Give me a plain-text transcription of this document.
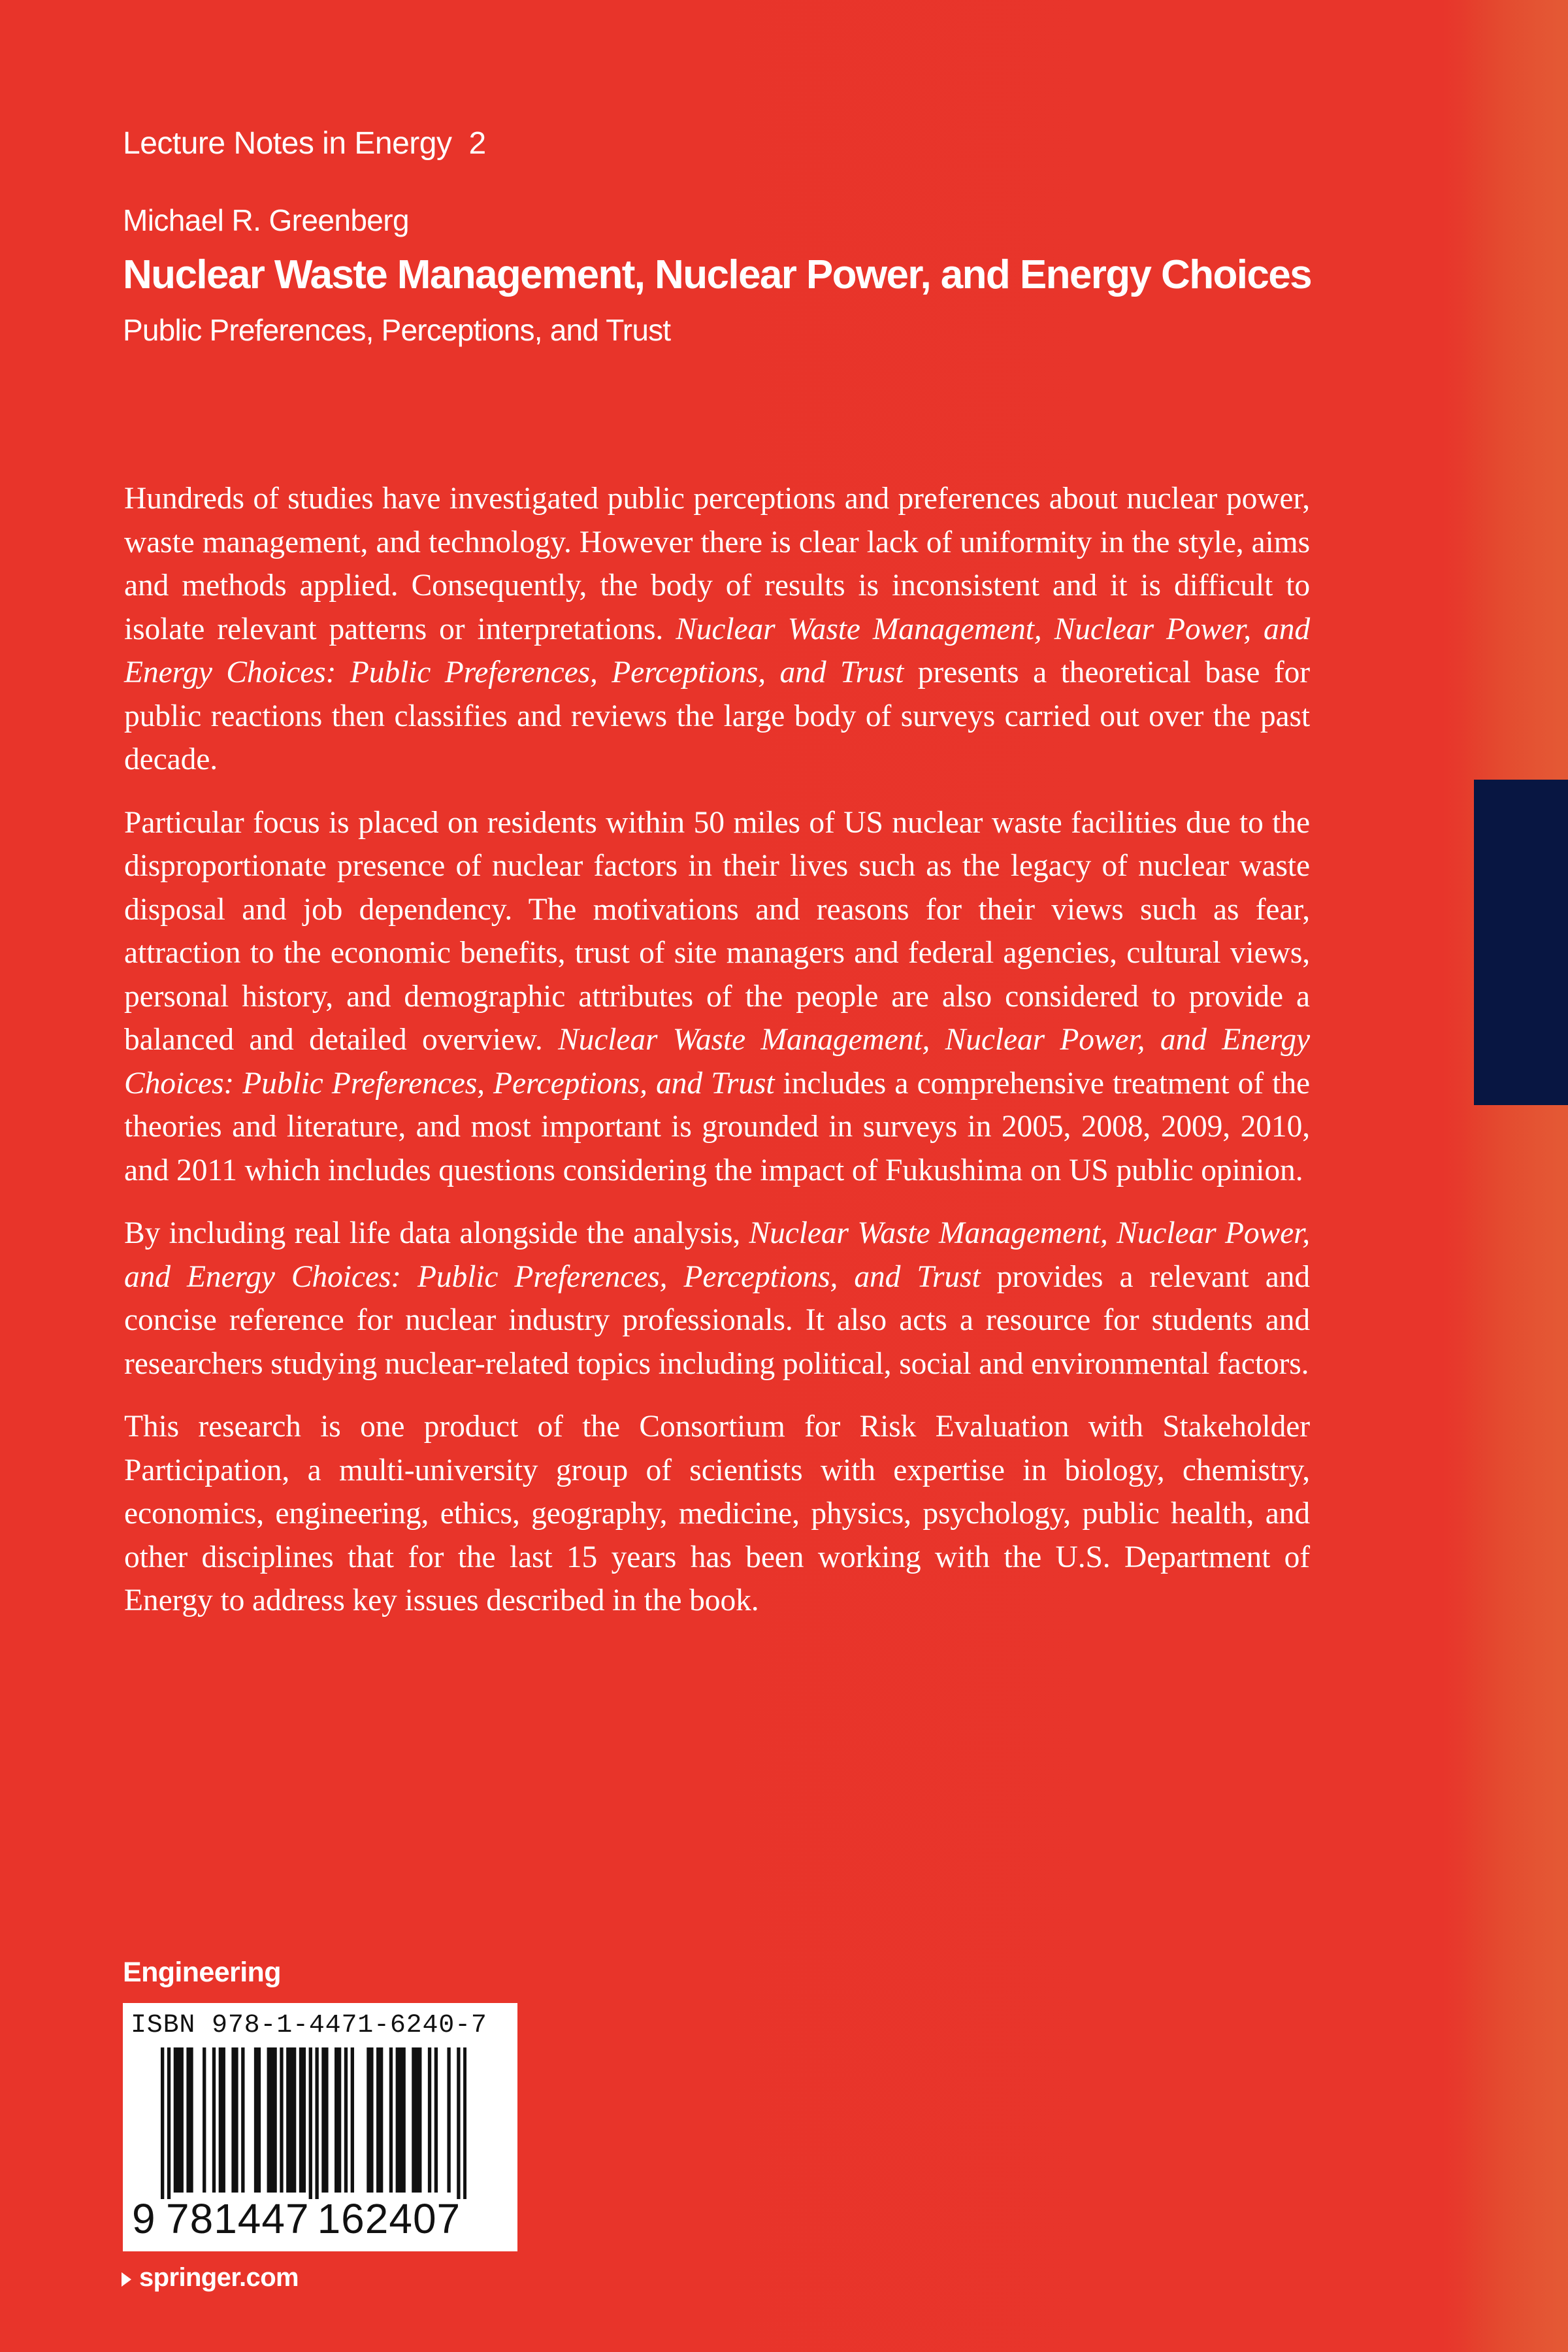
Lecture Notes in Energy 2
Michael R. Greenberg
Nuclear Waste Management, Nuclear Power, and Energy Choices
Public Preferences, Perceptions, and Trust

Hundreds of studies have investigated public perceptions and preferences about nuclear power, waste management, and technology. However there is clear lack of uniformity in the style, aims and methods applied. Consequently, the body of results is inconsistent and it is difficult to isolate relevant patterns or interpretations. Nuclear Waste Management, Nuclear Power, and Energy Choices: Public Preferences, Perceptions, and Trust presents a theoretical base for public reactions then classifies and reviews the large body of surveys carried out over the past decade.

Particular focus is placed on residents within 50 miles of US nuclear waste facilities due to the disproportionate presence of nuclear factors in their lives such as the legacy of nuclear waste disposal and job dependency. The motivations and reasons for their views such as fear, attraction to the economic benefits, trust of site managers and federal agencies, cultural views, personal history, and demographic attributes of the people are also considered to provide a balanced and detailed overview. Nuclear Waste Management, Nuclear Power, and Energy Choices: Public Preferences, Perceptions, and Trust includes a comprehensive treatment of the theories and literature, and most important is grounded in surveys in 2005, 2008, 2009, 2010, and 2011 which includes questions considering the impact of Fukushima on US public opinion.

By including real life data alongside the analysis, Nuclear Waste Management, Nuclear Power, and Energy Choices: Public Preferences, Perceptions, and Trust provides a relevant and concise reference for nuclear industry professionals. It also acts a resource for students and researchers studying nuclear-related topics including political, social and environmental factors.

This research is one product of the Consortium for Risk Evaluation with Stakeholder Participation, a multi-university group of scientists with expertise in biology, chemistry, economics, engineering, ethics, geography, medicine, physics, psychology, public health, and other disciplines that for the last 15 years has been working with the U.S. Department of Energy to address key issues described in the book.

Engineering
ISBN 978-1-4471-6240-7
9 781447 162407
springer.com
